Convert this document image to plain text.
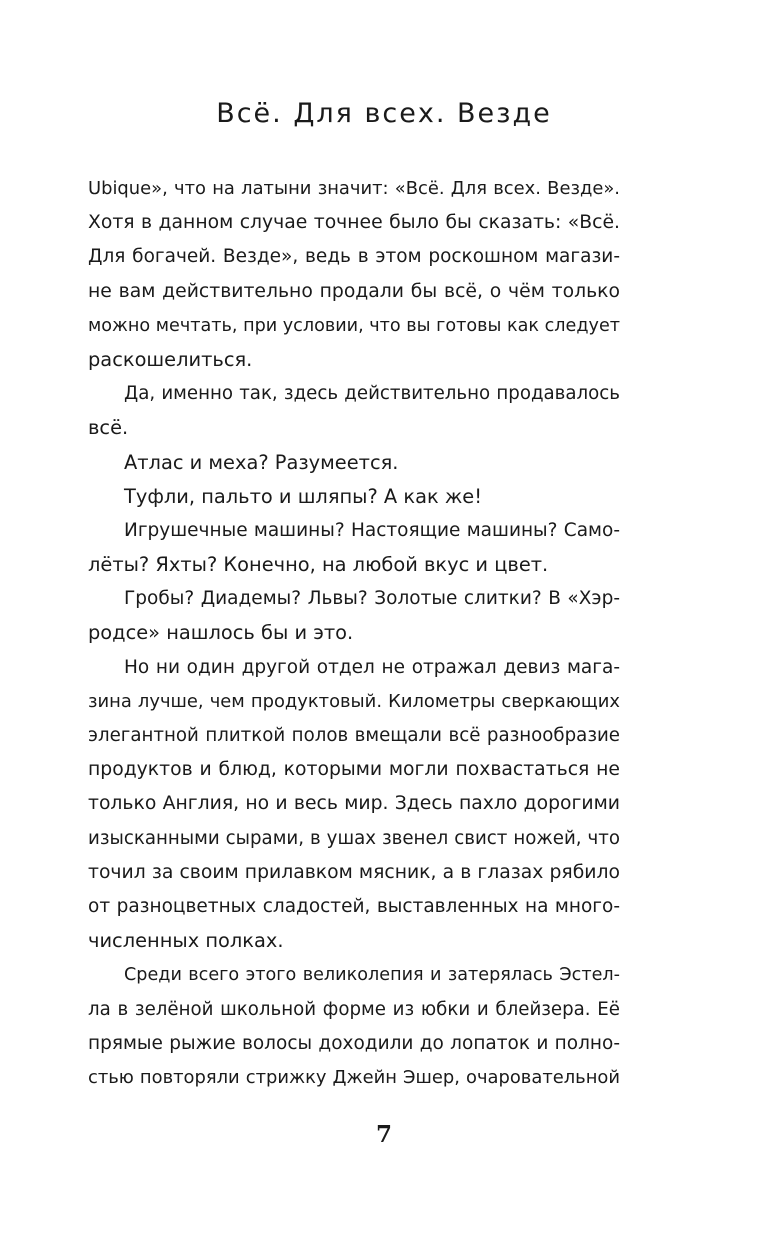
Всё. Для всех. Везде
Ubique», что на латыни значит: «Всё. Для всех. Везде».
Хотя в данном случае точнее было бы сказать: «Всё.
Для богачей. Везде», ведь в этом роскошном магази-
не вам действительно продали бы всё, о чём только
можно мечтать, при условии, что вы готовы как следует
раскошелиться.
Да, именно так, здесь действительно продавалось
всё.
Атлас и меха? Разумеется.
Туфли, пальто и шляпы? А как же!
Игрушечные машины? Настоящие машины? Само-
лёты? Яхты? Конечно, на любой вкус и цвет.
Гробы? Диадемы? Львы? Золотые слитки? В «Хэр-
родсе» нашлось бы и это.
Но ни один другой отдел не отражал девиз мага-
зина лучше, чем продуктовый. Километры сверкающих
элегантной плиткой полов вмещали всё разнообразие
продуктов и блюд, которыми могли похвастаться не
только Англия, но и весь мир. Здесь пахло дорогими
изысканными сырами, в ушах звенел свист ножей, что
точил за своим прилавком мясник, а в глазах рябило
от разноцветных сладостей, выставленных на много-
численных полках.
Среди всего этого великолепия и затерялась Эстел-
ла в зелёной школьной форме из юбки и блейзера. Её
прямые рыжие волосы доходили до лопаток и полно-
стью повторяли стрижку Джейн Эшер, очаровательной
7
